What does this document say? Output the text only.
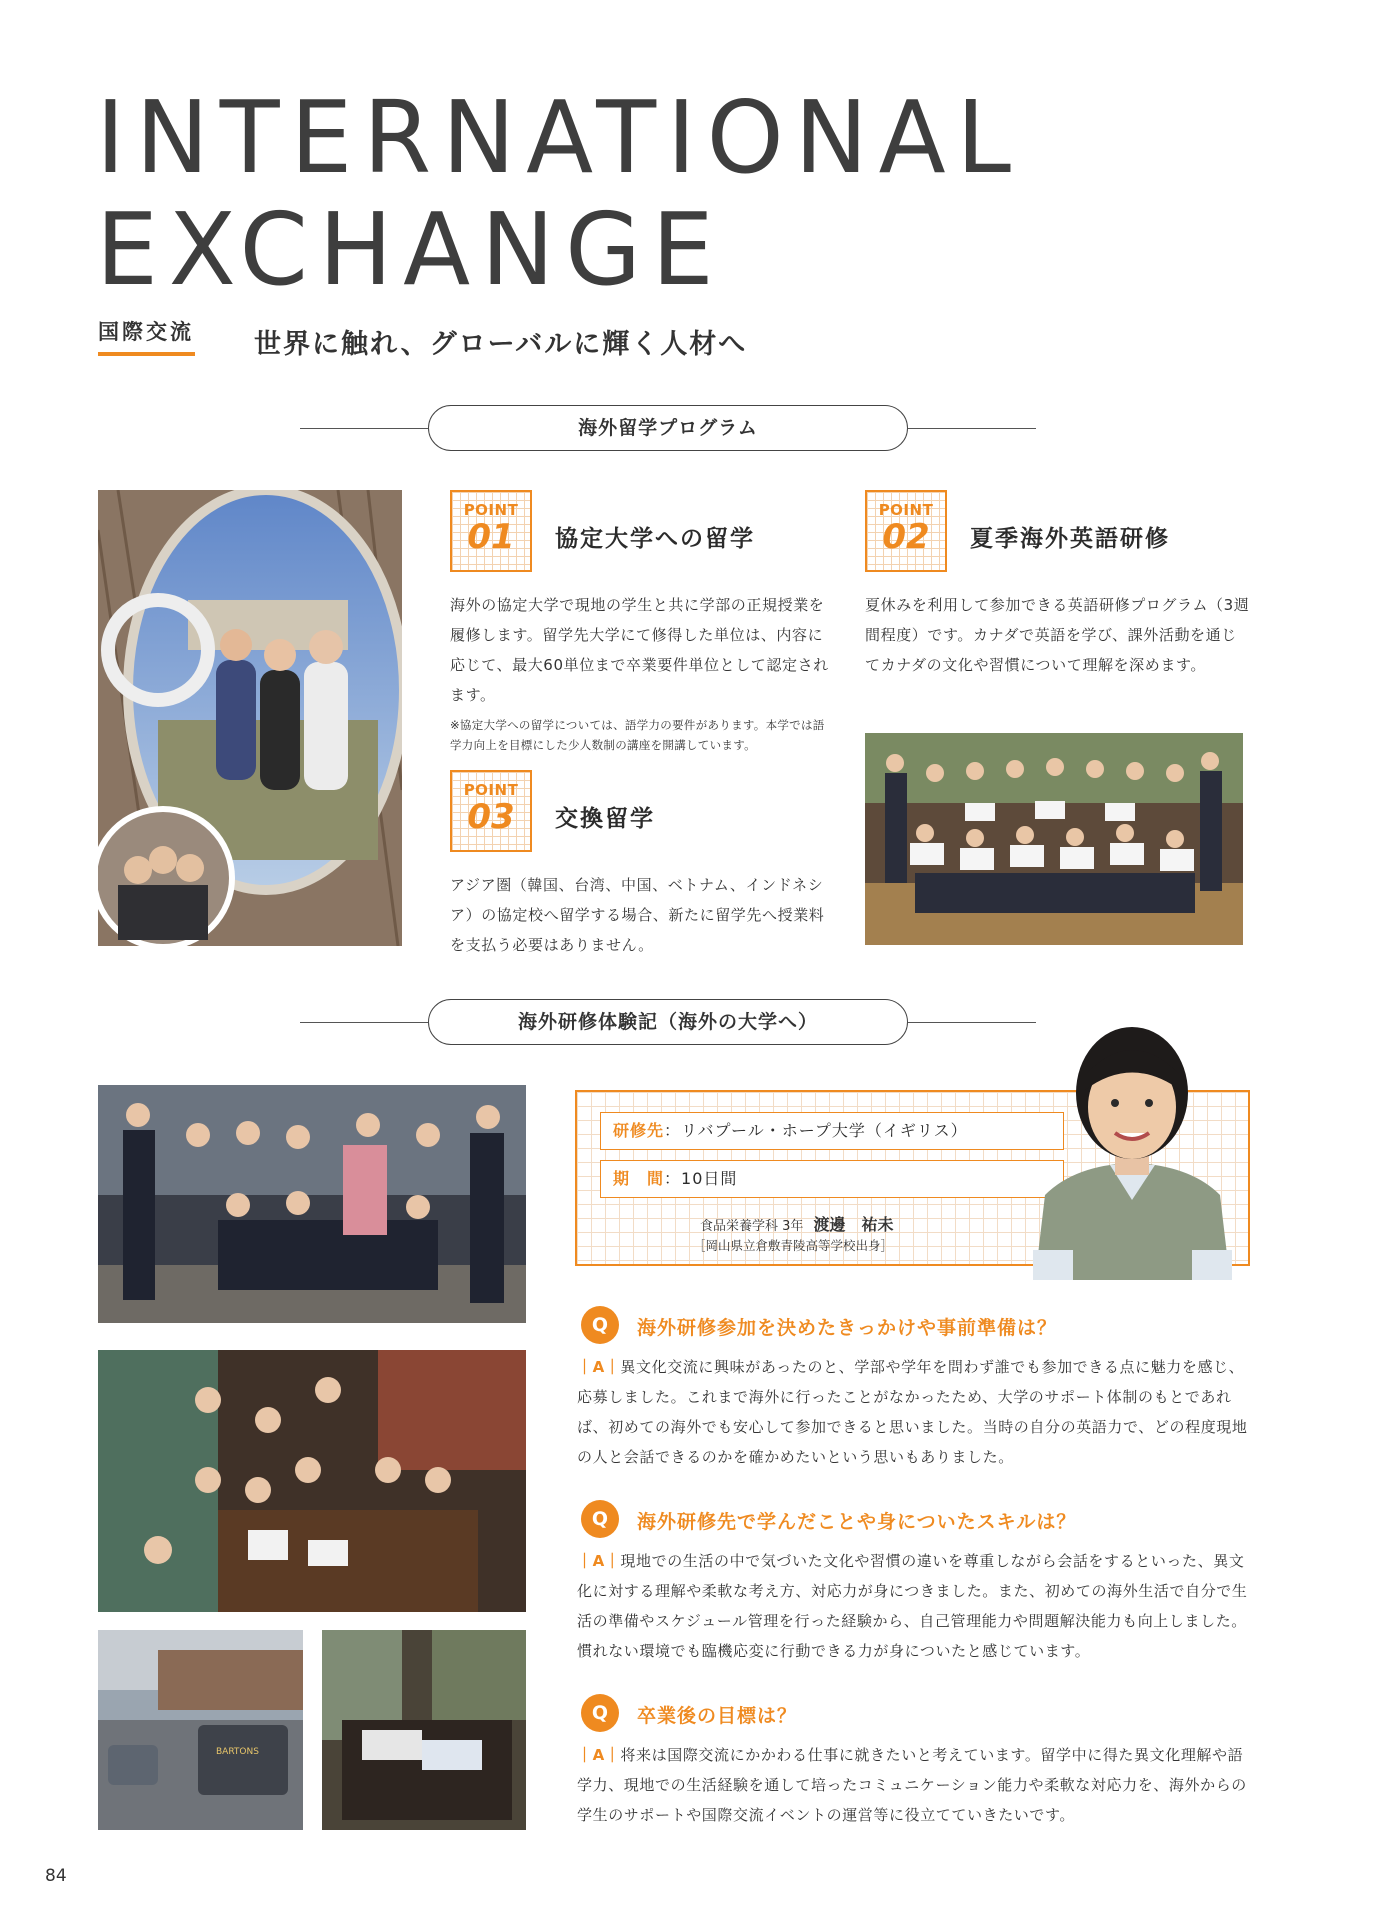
INTERNATIONAL
EXCHANGE
国際交流 世界に触れ、グローバルに輝く人材へ
海外留学プログラム
POINT
01	協定大学への留学
海外の協定大学で現地の学生と共に学部の正規授業を履修します。留学先大学にて修得した単位は、内容に応じて、最大60単位まで卒業要件単位として認定されます。
※協定大学への留学については、語学力の要件があります。本学では語学力向上を目標にした少人数制の講座を開講しています。
POINT
03	交換留学
アジア圏（韓国、台湾、中国、ベトナム、インドネシア）の協定校へ留学する場合、新たに留学先へ授業料を支払う必要はありません。
POINT
02	夏季海外英語研修
夏休みを利用して参加できる英語研修プログラム（3週間程度）です。カナダで英語を学び、課外活動を通じてカナダの文化や習慣について理解を深めます。
海外研修体験記（海外の大学へ）
BARTONS
研修先：リバプール・ホープ大学（イギリス）
期　間：10日間
食品栄養学科 3年 渡邊　祐未
［岡山県立倉敷青陵高等学校出身］
Q	海外研修参加を決めたきっかけや事前準備は？
｜A｜異文化交流に興味があったのと、学部や学年を問わず誰でも参加できる点に魅力を感じ、応募しました。これまで海外に行ったことがなかったため、大学のサポート体制のもとであれば、初めての海外でも安心して参加できると思いました。当時の自分の英語力で、どの程度現地の人と会話できるのかを確かめたいという思いもありました。
Q	海外研修先で学んだことや身についたスキルは？
｜A｜現地での生活の中で気づいた文化や習慣の違いを尊重しながら会話をするといった、異文化に対する理解や柔軟な考え方、対応力が身につきました。また、初めての海外生活で自分で生活の準備やスケジュール管理を行った経験から、自己管理能力や問題解決能力も向上しました。慣れない環境でも臨機応変に行動できる力が身についたと感じています。
Q	卒業後の目標は？
｜A｜将来は国際交流にかかわる仕事に就きたいと考えています。留学中に得た異文化理解や語学力、現地での生活経験を通して培ったコミュニケーション能力や柔軟な対応力を、海外からの学生のサポートや国際交流イベントの運営等に役立てていきたいです。
84
